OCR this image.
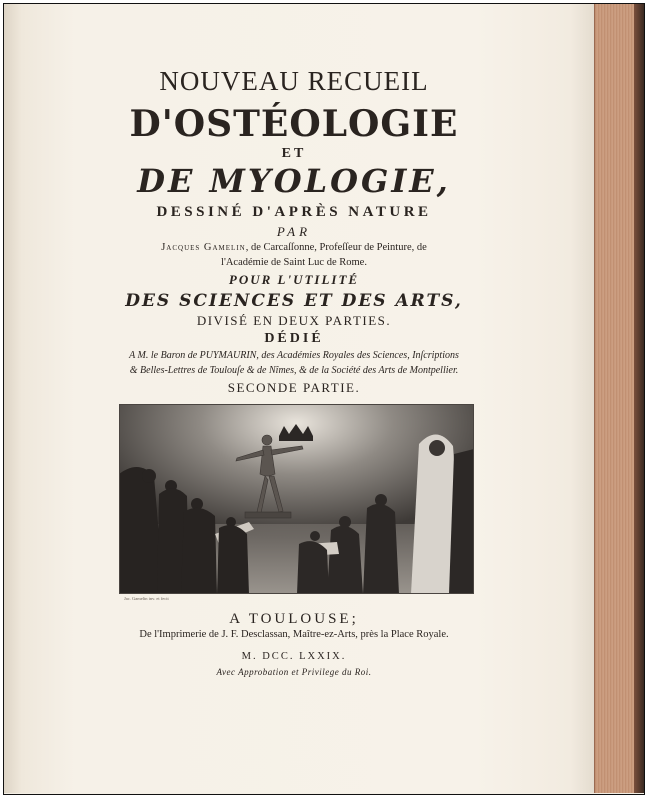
NOUVEAU RECUEIL

D'OSTÉOLOGIE

ET

DE MYOLOGIE,

DESSINÉ D'APRÈS NATURE

PAR

Jacques Gamelin, de Carcaſſonne, Profeſſeur de Peinture, de

l'Académie de Saint Luc de Rome.

POUR L'UTILITÉ

DES SCIENCES ET DES ARTS,

DIVISÉ EN DEUX PARTIES.

DÉDIÉ

A M. le Baron de PUYMAURIN, des Académies Royales des Sciences, Inſcriptions

& Belles-Lettres de Toulouſe & de Nîmes, & de la Société des Arts de Montpellier.

SECONDE PARTIE.

Jac. Gamelin inv. et fecit

A TOULOUSE;

De l'Imprimerie de J. F. Desclassan, Maître-ez-Arts, près la Place Royale.

M. DCC. LXXIX.

Avec Approbation et Privilege du Roi.
